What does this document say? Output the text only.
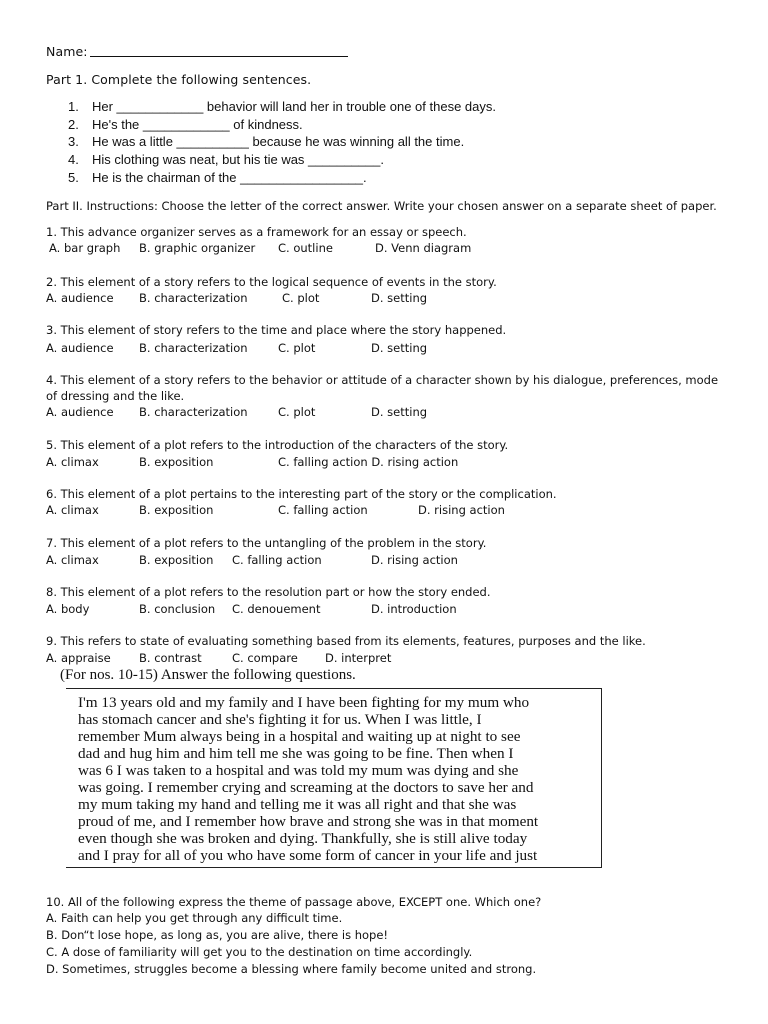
Name:
Part 1. Complete the following sentences.
1. Her ____________ behavior will land her in trouble one of these days.
2. He's the ____________ of kindness.
3. He was a little __________ because he was winning all the time.
4. His clothing was neat, but his tie was __________.
5. He is the chairman of the _________________.
Part II. Instructions: Choose the letter of the correct answer. Write your chosen answer on a separate sheet of paper.
1. This advance organizer serves as a framework for an essay or speech.
A. bar graph B. graphic organizer C. outline	D. Venn diagram
2. This element of a story refers to the logical sequence of events in the story.
A. audience B. characterization	C. plot	D. setting
3. This element of story refers to the time and place where the story happened.
A. audience B. characterization	C. plot	D. setting
4. This element of a story refers to the behavior or attitude of a character shown by his dialogue, preferences, mode
of dressing and the like.
A. audience B. characterization	C. plot	D. setting
5. This element of a plot refers to the introduction of the characters of the story.
A. climax	B. exposition	C. falling action D. rising action
6. This element of a plot pertains to the interesting part of the story or the complication.
A. climax	B. exposition	C. falling action	D. rising action
7. This element of a plot refers to the untangling of the problem in the story.
A. climax	B. exposition C. falling action	D. rising action
8. This element of a plot refers to the resolution part or how the story ended.
A. body	B. conclusion C. denouement	D. introduction
9. This refers to state of evaluating something based from its elements, features, purposes and the like.
A. appraise B. contrast	C. compare D. interpret
(For nos. 10-15) Answer the following questions.
I'm 13 years old and my family and I have been fighting for my mum who
has stomach cancer and she's fighting it for us. When I was little, I
remember Mum always being in a hospital and waiting up at night to see
dad and hug him and him tell me she was going to be fine. Then when I
was 6 I was taken to a hospital and was told my mum was dying and she
was going. I remember crying and screaming at the doctors to save her and
my mum taking my hand and telling me it was all right and that she was
proud of me, and I remember how brave and strong she was in that moment
even though she was broken and dying. Thankfully, she is still alive today
and I pray for all of you who have some form of cancer in your life and just
10. All of the following express the theme of passage above, EXCEPT one. Which one?
A. Faith can help you get through any difficult time.
B. Don“t lose hope, as long as, you are alive, there is hope!
C. A dose of familiarity will get you to the destination on time accordingly.
D. Sometimes, struggles become a blessing where family become united and strong.
